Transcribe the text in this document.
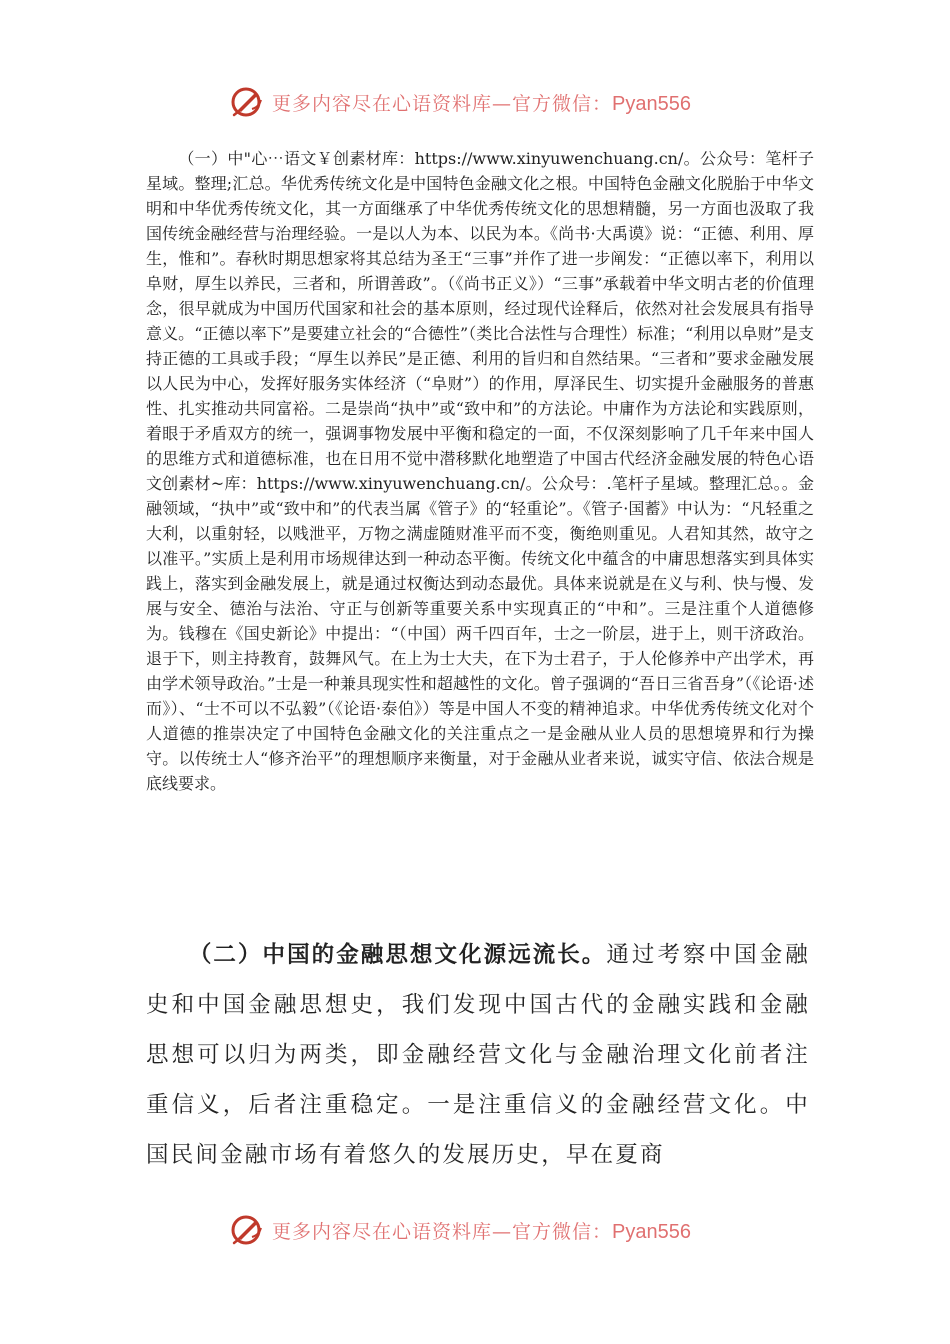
更多内容尽在心语资料库—官方微信：Pyan556

（一）中"心⋯语文￥创素材库：https://www.xinyuwenchuang.cn/。公众号：笔杆子星域。整理;汇总。华优秀传统文化是中国特色金融文化之根。中国特色金融文化脱胎于中华文明和中华优秀传统文化，其一方面继承了中华优秀传统文化的思想精髓，另一方面也汲取了我国传统金融经营与治理经验。一是以人为本、以民为本。《尚书·大禹谟》说：“正德、利用、厚生，惟和”。春秋时期思想家将其总结为圣王“三事”并作了进一步阐发：“正德以率下，利用以阜财，厚生以养民，三者和，所谓善政”。（《尚书正义》）“三事”承载着中华文明古老的价值理念，很早就成为中国历代国家和社会的基本原则，经过现代诠释后，依然对社会发展具有指导意义。“正德以率下”是要建立社会的“合德性”（类比合法性与合理性）标准；“利用以阜财”是支持正德的工具或手段；“厚生以养民”是正德、利用的旨归和自然结果。“三者和”要求金融发展以人民为中心，发挥好服务实体经济（“阜财”）的作用，厚泽民生、切实提升金融服务的普惠性、扎实推动共同富裕。二是崇尚“执中”或“致中和”的方法论。中庸作为方法论和实践原则，着眼于矛盾双方的统一，强调事物发展中平衡和稳定的一面，不仅深刻影响了几千年来中国人的思维方式和道德标准，也在日用不觉中潜移默化地塑造了中国古代经济金融发展的特色心语文创素材~库：https://www.xinyuwenchuang.cn/。公众号：.笔杆子星域。整理汇总。。金融领域，“执中”或“致中和”的代表当属《管子》的“轻重论”。《管子·国蓄》中认为：“凡轻重之大利，以重射轻，以贱泄平，万物之满虚随财准平而不变，衡绝则重见。人君知其然，故守之以准平。”实质上是利用市场规律达到一种动态平衡。传统文化中蕴含的中庸思想落实到具体实践上，落实到金融发展上，就是通过权衡达到动态最优。具体来说就是在义与利、快与慢、发展与安全、德治与法治、守正与创新等重要关系中实现真正的“中和”。三是注重个人道德修为。钱穆在《国史新论》中提出：“（中国）两千四百年，士之一阶层，进于上，则干济政治。退于下，则主持教育，鼓舞风气。在上为士大夫，在下为士君子，于人伦修养中产出学术，再由学术领导政治。”士是一种兼具现实性和超越性的文化。曾子强调的“吾日三省吾身”（《论语·述而》）、“士不可以不弘毅”（《论语·泰伯》）等是中国人不变的精神追求。中华优秀传统文化对个人道德的推崇决定了中国特色金融文化的关注重点之一是金融从业人员的思想境界和行为操守。以传统士人“修齐治平”的理想顺序来衡量，对于金融从业者来说，诚实守信、依法合规是底线要求。

（二）中国的金融思想文化源远流长。通过考察中国金融史和中国金融思想史，我们发现中国古代的金融实践和金融思想可以归为两类，即金融经营文化与金融治理文化前者注重信义，后者注重稳定。一是注重信义的金融经营文化。中国民间金融市场有着悠久的发展历史，早在夏商

更多内容尽在心语资料库—官方微信：Pyan556
